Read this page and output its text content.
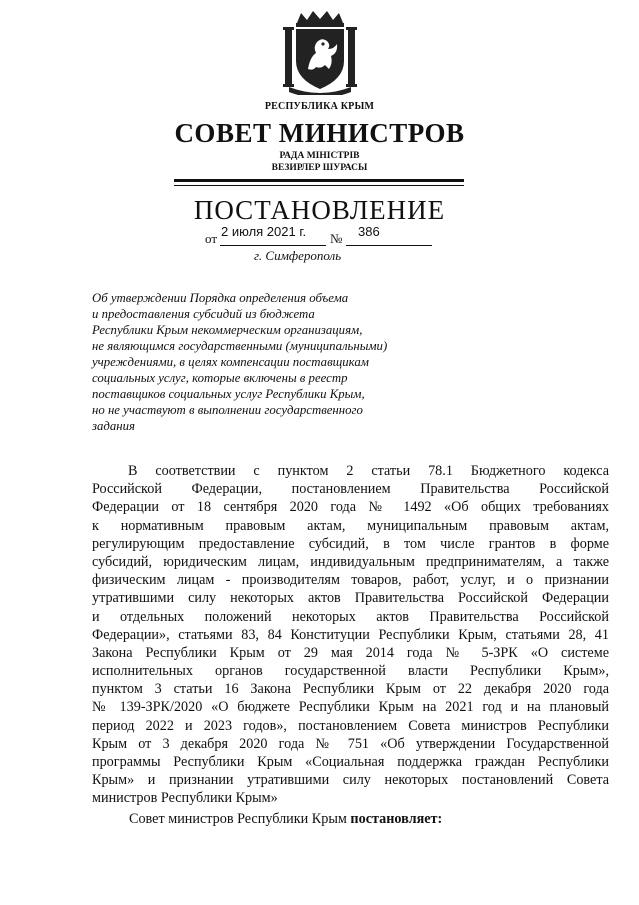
РЕСПУБЛИКА КРЫМ
СОВЕТ МИНИСТРОВ
РАДА МІНІСТРІВ
ВЕЗИРЛЕР ШУРАСЫ
ПОСТАНОВЛЕНИЕ
от 2 июля 2021 г. № 386
г. Симферополь
Об утверждении Порядка определения объема
и предоставления субсидий из бюджета
Республики Крым некоммерческим организациям,
не являющимся государственными (муниципальными)
учреждениями, в целях компенсации поставщикам
социальных услуг, которые включены в реестр
поставщиков социальных услуг Республики Крым,
но не участвуют в выполнении государственного
задания
В соответствии с пунктом 2 статьи 78.1 Бюджетного кодекса
Российской Федерации, постановлением Правительства Российской
Федерации от 18 сентября 2020 года № 1492 «Об общих требованиях
к нормативным правовым актам, муниципальным правовым актам,
регулирующим предоставление субсидий, в том числе грантов в форме
субсидий, юридическим лицам, индивидуальным предпринимателям, а также
физическим лицам - производителям товаров, работ, услуг, и о признании
утратившими силу некоторых актов Правительства Российской Федерации
и отдельных положений некоторых актов Правительства Российской
Федерации», статьями 83, 84 Конституции Республики Крым, статьями 28, 41
Закона Республики Крым от 29 мая 2014 года № 5-ЗРК «О системе
исполнительных органов государственной власти Республики Крым»,
пунктом 3 статьи 16 Закона Республики Крым от 22 декабря 2020 года
№ 139-ЗРК/2020 «О бюджете Республики Крым на 2021 год и на плановый
период 2022 и 2023 годов», постановлением Совета министров Республики
Крым от 3 декабря 2020 года № 751 «Об утверждении Государственной
программы Республики Крым «Социальная поддержка граждан Республики
Крым» и признании утратившими силу некоторых постановлений Совета
министров Республики Крым»
Совет министров Республики Крым постановляет:
